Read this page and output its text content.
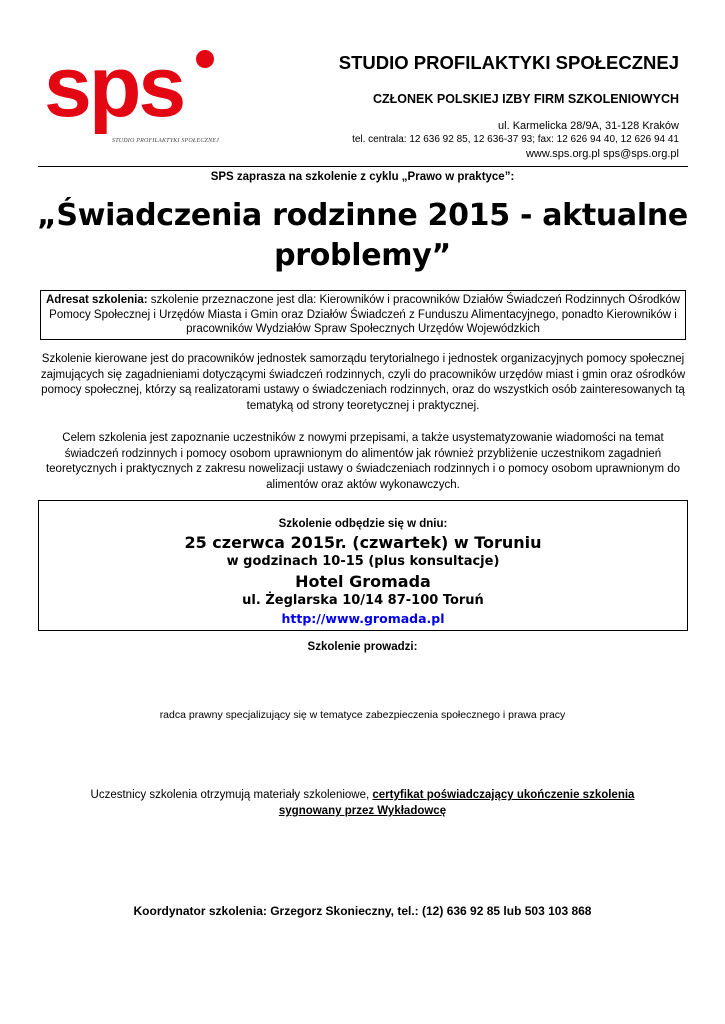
sps
STUDIO PROFILAKTYKI SPOŁECZNEJ
STUDIO PROFILAKTYKI SPOŁECZNEJ
CZŁONEK POLSKIEJ IZBY FIRM SZKOLENIOWYCH
ul. Karmelicka 28/9A, 31-128 Kraków
tel. centrala: 12 636 92 85, 12 636-37 93; fax: 12 626 94 40, 12 626 94 41
www.sps.org.pl sps@sps.org.pl
SPS zaprasza na szkolenie z cyklu „Prawo w praktyce”:
„Świadczenia rodzinne 2015 - aktualne
problemy”
Adresat szkolenia: szkolenie przeznaczone jest dla: Kierowników i pracowników Działów Świadczeń Rodzinnych Ośrodków Pomocy Społecznej i Urzędów Miasta i Gmin oraz Działów Świadczeń z Funduszu Alimentacyjnego, ponadto Kierowników i pracowników Wydziałów Spraw Społecznych Urzędów Wojewódzkich
Szkolenie kierowane jest do pracowników jednostek samorządu terytorialnego i jednostek organizacyjnych pomocy społecznej zajmujących się zagadnieniami dotyczącymi świadczeń rodzinnych, czyli do pracowników urzędów miast i gmin oraz ośrodków pomocy społecznej, którzy są realizatorami ustawy o świadczeniach rodzinnych, oraz do wszystkich osób zainteresowanych tą tematyką od strony teoretycznej i praktycznej.
Celem szkolenia jest zapoznanie uczestników z nowymi przepisami, a także usystematyzowanie wiadomości na temat świadczeń rodzinnych i pomocy osobom uprawnionym do alimentów jak również przybliżenie uczestnikom zagadnień teoretycznych i praktycznych z zakresu nowelizacji ustawy o świadczeniach rodzinnych i o pomocy osobom uprawnionym do alimentów oraz aktów wykonawczych.
Szkolenie odbędzie się w dniu:
25 czerwca 2015r. (czwartek) w Toruniu
w godzinach 10-15 (plus konsultacje)
Hotel Gromada
ul. Żeglarska 10/14 87-100 Toruń
http://www.gromada.pl
Szkolenie prowadzi:
radca prawny specjalizujący się w tematyce zabezpieczenia społecznego i prawa pracy
Uczestnicy szkolenia otrzymują materiały szkoleniowe, certyfikat poświadczający ukończenie szkolenia
sygnowany przez Wykładowcę
Koordynator szkolenia: Grzegorz Skonieczny, tel.: (12) 636 92 85 lub 503 103 868
